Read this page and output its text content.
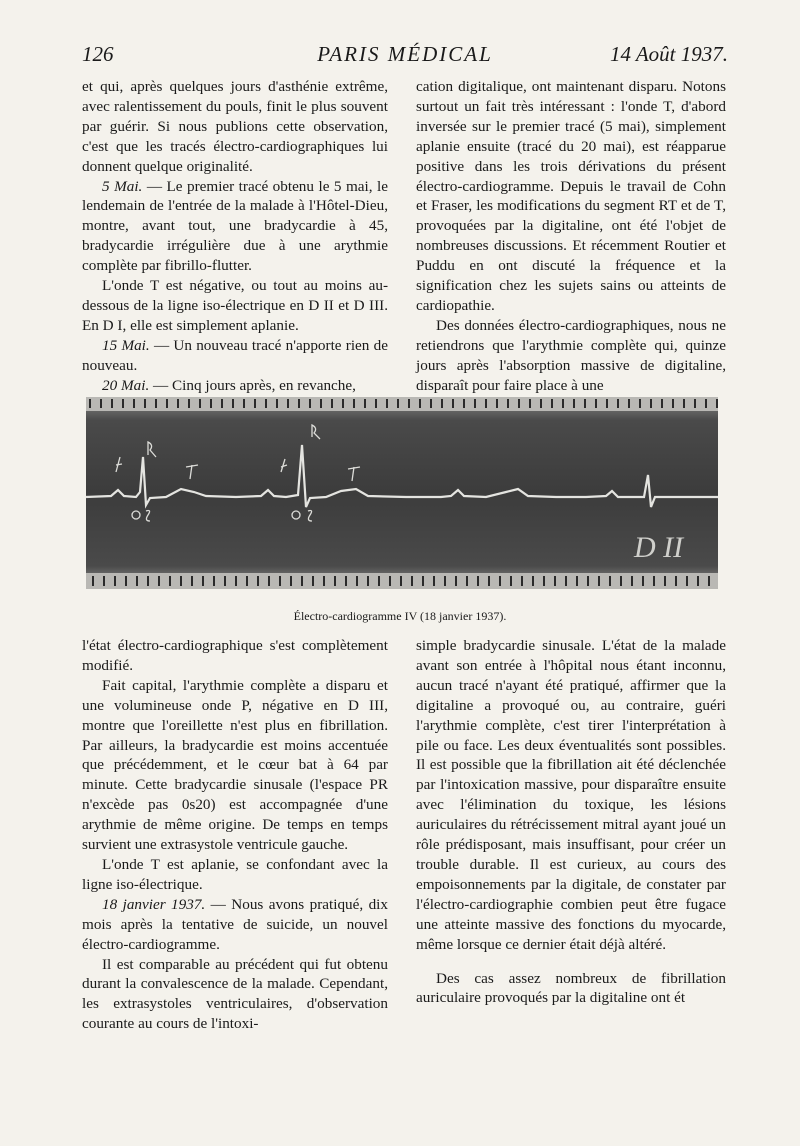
126	PARIS MÉDICAL	14 Août 1937.

et qui, après quelques jours d'asthénie extrême, avec ralentissement du pouls, finit le plus souvent par guérir. Si nous publions cette observation, c'est que les tracés électro-cardiographiques lui donnent quelque originalité.

5 Mai. — Le premier tracé obtenu le 5 mai, le lendemain de l'entrée de la malade à l'Hôtel-Dieu, montre, avant tout, une bradycardie à 45, bradycardie irrégulière due à une arythmie complète par fibrillo-flutter.

L'onde T est négative, ou tout au moins au-dessous de la ligne iso-électrique en D II et D III. En D I, elle est simplement aplanie.

15 Mai. — Un nouveau tracé n'apporte rien de nouveau.

20 Mai. — Cinq jours après, en revanche,

cation digitalique, ont maintenant disparu. Notons surtout un fait très intéressant : l'onde T, d'abord inversée sur le premier tracé (5 mai), simplement aplanie ensuite (tracé du 20 mai), est réapparue positive dans les trois dérivations du présent électro-cardiogramme. Depuis le travail de Cohn et Fraser, les modifications du segment RT et de T, provoquées par la digitaline, ont été l'objet de nombreuses discussions. Et récemment Routier et Puddu en ont discuté la fréquence et la signification chez les sujets sains ou atteints de cardiopathie.

Des données électro-cardiographiques, nous ne retiendrons que l'arythmie complète qui, quinze jours après l'absorption massive de digitaline, disparaît pour faire place à une

D II
Électro-cardiogramme IV (18 janvier 1937).

l'état électro-cardiographique s'est complètement modifié.

Fait capital, l'arythmie complète a disparu et une volumineuse onde P, négative en D III, montre que l'oreillette n'est plus en fibrillation. Par ailleurs, la bradycardie est moins accentuée que précédemment, et le cœur bat à 64 par minute. Cette bradycardie sinusale (l'espace PR n'excède pas 0s20) est accompagnée d'une arythmie de même origine. De temps en temps survient une extrasystole ventricule gauche.

L'onde T est aplanie, se confondant avec la ligne iso-électrique.

18 janvier 1937. — Nous avons pratiqué, dix mois après la tentative de suicide, un nouvel électro-cardiogramme.

Il est comparable au précédent qui fut obtenu durant la convalescence de la malade. Cependant, les extrasystoles ventriculaires, d'observation courante au cours de l'intoxi-

simple bradycardie sinusale. L'état de la malade avant son entrée à l'hôpital nous étant inconnu, aucun tracé n'ayant été pratiqué, affirmer que la digitaline a provoqué ou, au contraire, guéri l'arythmie complète, c'est tirer l'interprétation à pile ou face. Les deux éventualités sont possibles. Il est possible que la fibrillation ait été déclenchée par l'intoxication massive, pour disparaître ensuite avec l'élimination du toxique, les lésions auriculaires du rétrécissement mitral ayant joué un rôle prédisposant, mais insuffisant, pour créer un trouble durable. Il est curieux, au cours des empoisonnements par la digitale, de constater par l'électro-cardiographie combien peut être fugace une atteinte massive des fonctions du myocarde, même lorsque ce dernier était déjà altéré.

Des cas assez nombreux de fibrillation auriculaire provoqués par la digitaline ont ét
